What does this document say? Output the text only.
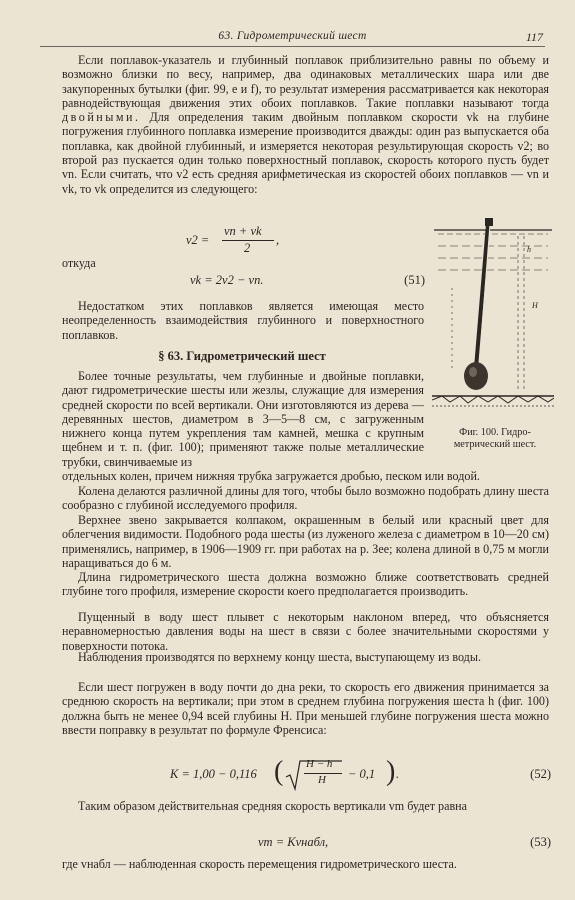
63. Гидрометрический шест	117

Если поплавок-указатель и глубинный поплавок приблизительно равны по объему и возможно близки по весу, например, два одинаковых металлических шара или две закупоренных бутылки (фиг. 99, e и f), то результат измерения рассматривается как некоторая равнодействующая движения этих обоих поплавков. Такие поплавки называют тогда двойными. Для определения таким двойным поплавком скорости vk на глубине погружения глубинного поплавка измерение производится дважды: один раз выпускается оба поплавка, как двойной глубинный, и измеряется некоторая результирующая скорость v2; во второй раз пускается один только поверхностный поплавок, скорость которого пусть будет vn. Если считать, что v2 есть средняя арифметическая из скоростей обоих поплавков — vn и vk, то vk определится из следующего:

v2 =
vn + vk
2
,
откуда
vk = 2v2 − vn.	(51)

Недостатком этих поплавков является имеющая место неопределенность взаимодействия глубинного и поверхностного поплавков.

§ 63. Гидрометрический шест

Более точные результаты, чем глубинные и двойные поплавки, дают гидрометрические шесты или жезлы, служащие для измерения средней скорости по всей вертикали. Они изготовляются из дерева — деревянных шестов, диаметром в 3—5—8 см, с загруженным нижнего конца путем укрепления там камней, мешка с крупным щебнем и т. п. (фиг. 100); применяют также полые металлические трубки, свинчиваемые из

отдельных колен, причем нижняя трубка загружается дробью, песком или водой.

Колена делаются различной длины для того, чтобы было возможно подобрать длину шеста сообразно с глубиной исследуемого профиля.

Верхнее звено закрывается колпаком, окрашенным в белый или красный цвет для облегчения видимости. Подобного рода шесты (из луженого железа с диаметром в 10—20 см) применялись, например, в 1906—1909 гг. при работах на р. Зее; колена длиной в 0,75 м могли наращиваться до 6 м.

Длина гидрометрического шеста должна возможно ближе соответствовать средней глубине того профиля, измерение скорости коего предполагается производить.

Пущенный в воду шест плывет с некоторым наклоном вперед, что объясняется неравномерностью давления воды на шест в связи с более значительными скоростями у поверхности потока.

Наблюдения производятся по верхнему концу шеста, выступающему из воды.

Если шест погружен в воду почти до дна реки, то скорость его движения принимается за среднюю скорость на вертикали; при этом в среднем глубина погружения шеста h (фиг. 100) должна быть не менее 0,94 всей глубины H. При меньшей глубине погружения шеста можно ввести поправку в результат по формуле Френсиса:

K = 1,00 − 0,116 ( H − h
H − 0,1 ) .	(52)

Таким образом действительная средняя скорость вертикали vm будет равна

vm = Kvнабл,	(53)

где vнабл — наблюденная скорость перемещения гидрометрического шеста.

h
H
Фиг. 100. Гидро-
метрический шест.
